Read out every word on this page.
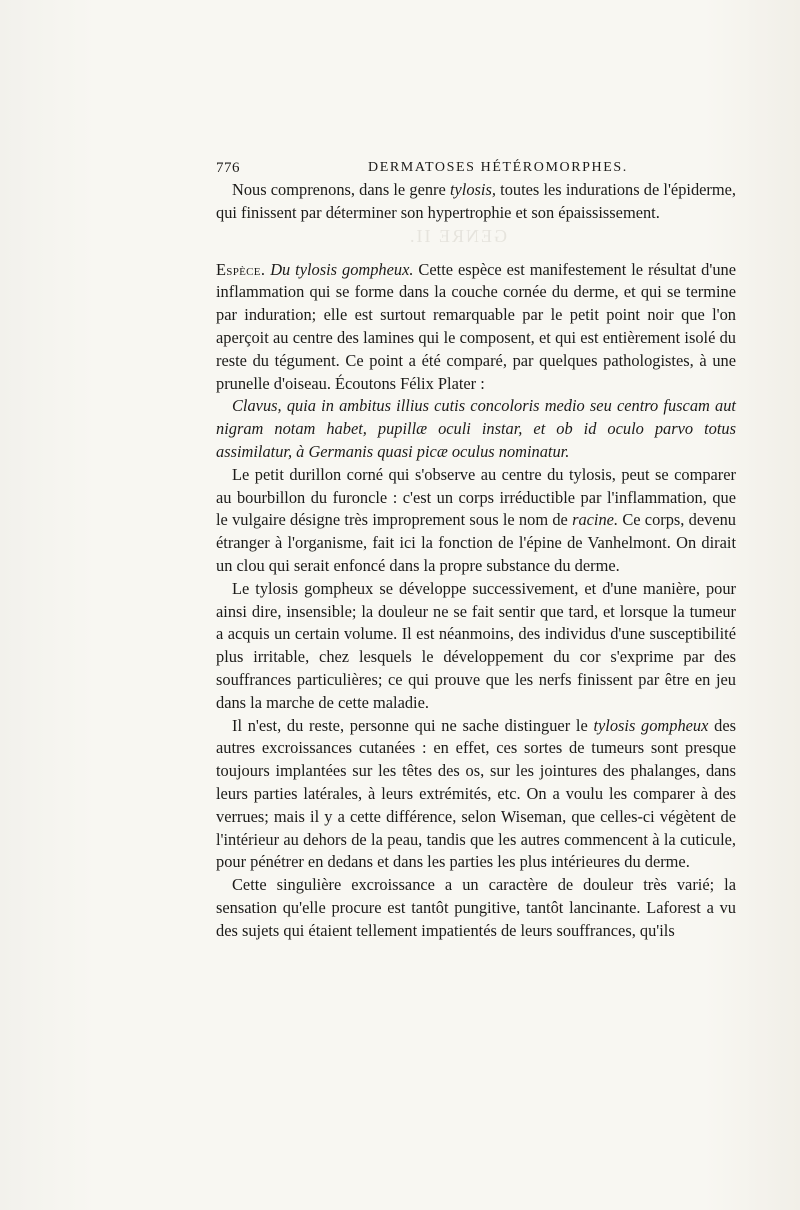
776	DERMATOSES HÉTÉROMORPHES.
GENRE II.

Nous comprenons, dans le genre tylosis, toutes les indurations de l'épiderme, qui finissent par déterminer son hypertrophie et son épaississement.

Espèce. Du tylosis gompheux. Cette espèce est manifestement le résultat d'une inflammation qui se forme dans la couche cornée du derme, et qui se termine par induration; elle est surtout remarquable par le petit point noir que l'on aperçoit au centre des lamines qui le composent, et qui est entièrement isolé du reste du tégument. Ce point a été comparé, par quelques pathologistes, à une prunelle d'oiseau. Écoutons Félix Plater :

Clavus, quia in ambitus illius cutis concoloris medio seu centro fuscam aut nigram notam habet, pupillæ oculi instar, et ob id oculo parvo totus assimilatur, à Germanis quasi picæ oculus nominatur.

Le petit durillon corné qui s'observe au centre du tylosis, peut se comparer au bourbillon du furoncle : c'est un corps irréductible par l'inflammation, que le vulgaire désigne très improprement sous le nom de racine. Ce corps, devenu étranger à l'organisme, fait ici la fonction de l'épine de Vanhelmont. On dirait un clou qui serait enfoncé dans la propre substance du derme.

Le tylosis gompheux se développe successivement, et d'une manière, pour ainsi dire, insensible; la douleur ne se fait sentir que tard, et lorsque la tumeur a acquis un certain volume. Il est néanmoins, des individus d'une susceptibilité plus irritable, chez lesquels le développement du cor s'exprime par des souffrances particulières; ce qui prouve que les nerfs finissent par être en jeu dans la marche de cette maladie.

Il n'est, du reste, personne qui ne sache distinguer le tylosis gompheux des autres excroissances cutanées : en effet, ces sortes de tumeurs sont presque toujours implantées sur les têtes des os, sur les jointures des phalanges, dans leurs parties latérales, à leurs extrémités, etc. On a voulu les comparer à des verrues; mais il y a cette différence, selon Wiseman, que celles-ci végètent de l'intérieur au dehors de la peau, tandis que les autres commencent à la cuticule, pour pénétrer en dedans et dans les parties les plus intérieures du derme.

Cette singulière excroissance a un caractère de douleur très varié; la sensation qu'elle procure est tantôt pungitive, tantôt lancinante. Laforest a vu des sujets qui étaient tellement impatientés de leurs souffrances, qu'ils
